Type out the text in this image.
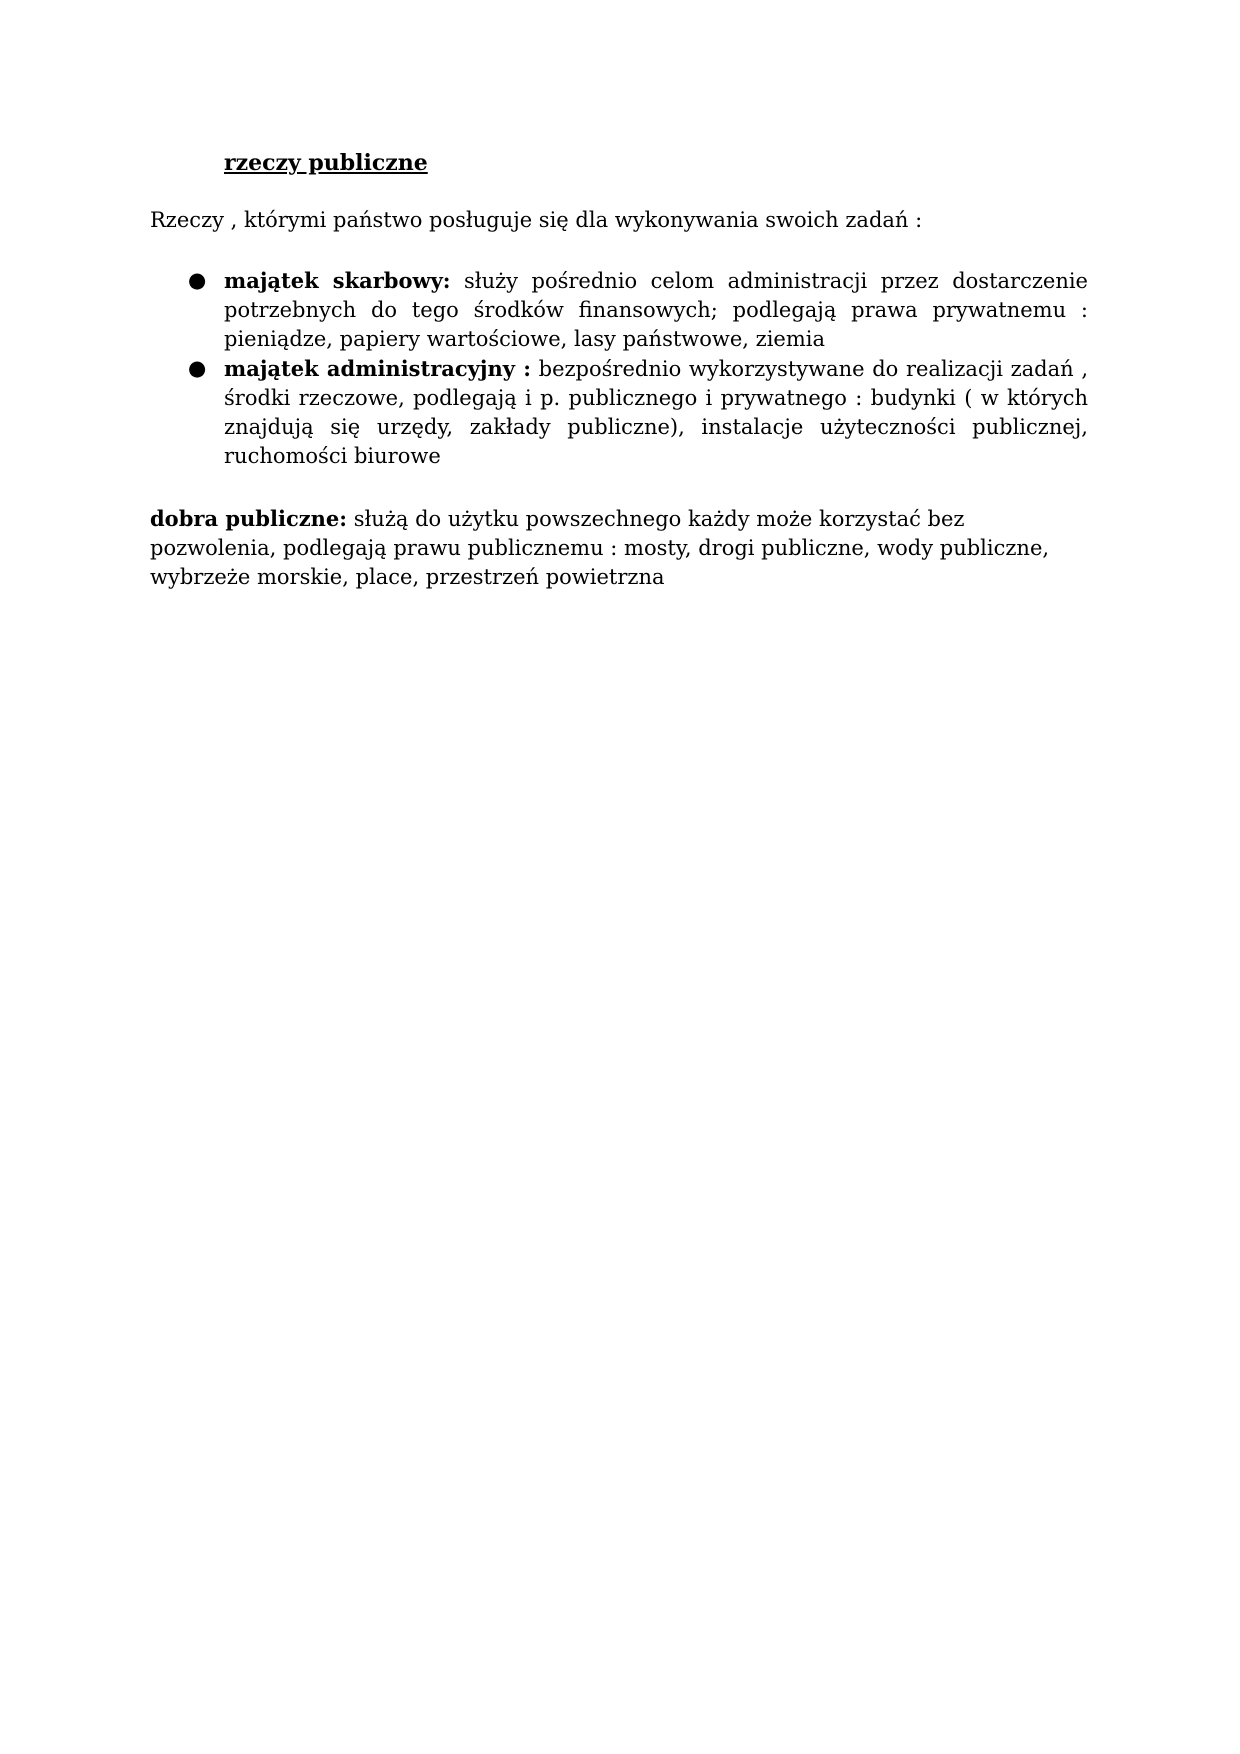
rzeczy publiczne
Rzeczy , którymi państwo posługuje się dla wykonywania swoich zadań :
● majątek skarbowy: służy pośrednio celom administracji przez dostarczenie potrzebnych do tego środków finansowych; podlegają prawa prywatnemu : pieniądze, papiery wartościowe, lasy państwowe, ziemia
● majątek administracyjny : bezpośrednio wykorzystywane do realizacji zadań , środki rzeczowe, podlegają i p. publicznego i prywatnego : budynki ( w których znajdują się urzędy, zakłady publiczne), instalacje użyteczności publicznej, ruchomości biurowe

dobra publiczne: służą do użytku powszechnego każdy może korzystać bez pozwolenia, podlegają prawu publicznemu : mosty, drogi publiczne, wody publiczne, wybrzeże morskie, place, przestrzeń powietrzna
